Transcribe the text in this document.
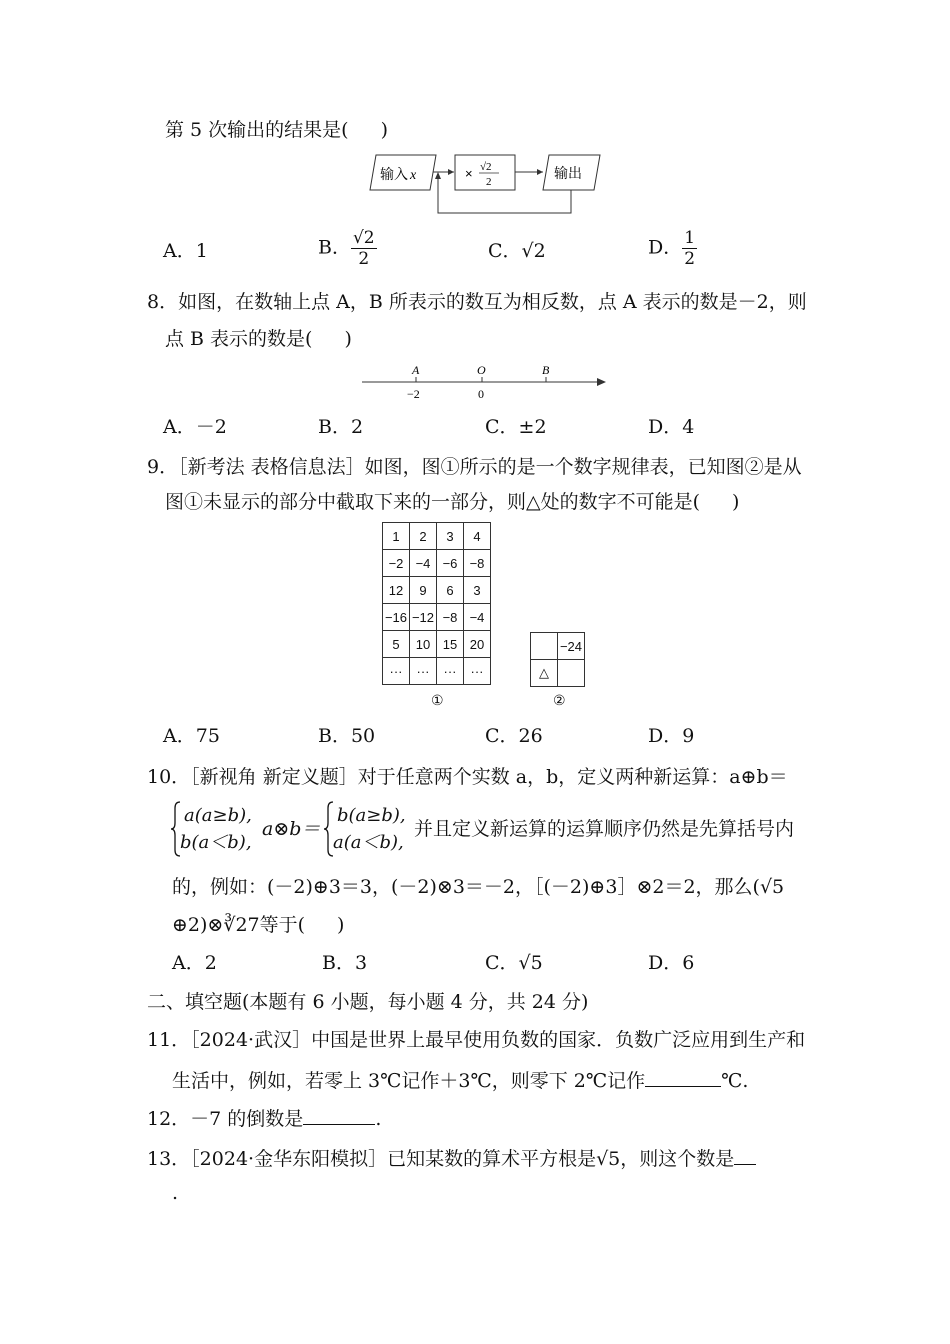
第 5 次输出的结果是( )
输入 x	× √2
2
输出
A．1	B． $\frac{√2}{2}$	C．√2	D． $\frac{1}{2}$
8．如图，在数轴上点 A，B 所表示的数互为相反数，点 A 表示的数是－2，则
点 B 表示的数是( )
A	O	B
−2	0
A．－2	B．2	C．±2	D．4
9．［新考法 表格信息法］如图，图①所示的是一个数字规律表，已知图②是从
图①未显示的部分中截取下来的一部分，则△处的数字不可能是( )
1	2	3	4
−2	−4	−6	−8
12	9	6	3
−16	−12	−8	−4
5	10	15	20
···	···	···	···
①
	−24
△	
②
A．75	B．50	C．26	D．9
10．［新视角 新定义题］对于任意两个实数 a，b，定义两种新运算：a⊕b＝
a(a≥b),
b(a＜b),
a⊗b＝
b(a≥b),
a(a＜b),
并且定义新运算的运算顺序仍然是先算括号内
的，例如：(－2)⊕3＝3，(－2)⊗3＝－2，［(－2)⊕3］⊗2＝2，那么(√5
⊕2)⊗∛27等于( )
A．2	B．3	C．√5	D．6
二、填空题(本题有 6 小题，每小题 4 分，共 24 分)
11．［2024·武汉］中国是世界上最早使用负数的国家．负数广泛应用到生产和
生活中，例如，若零上 3℃记作＋3℃，则零下 2℃记作	℃.
12．－7 的倒数是	.
13．［2024·金华东阳模拟］已知某数的算术平方根是√5，则这个数是
.
